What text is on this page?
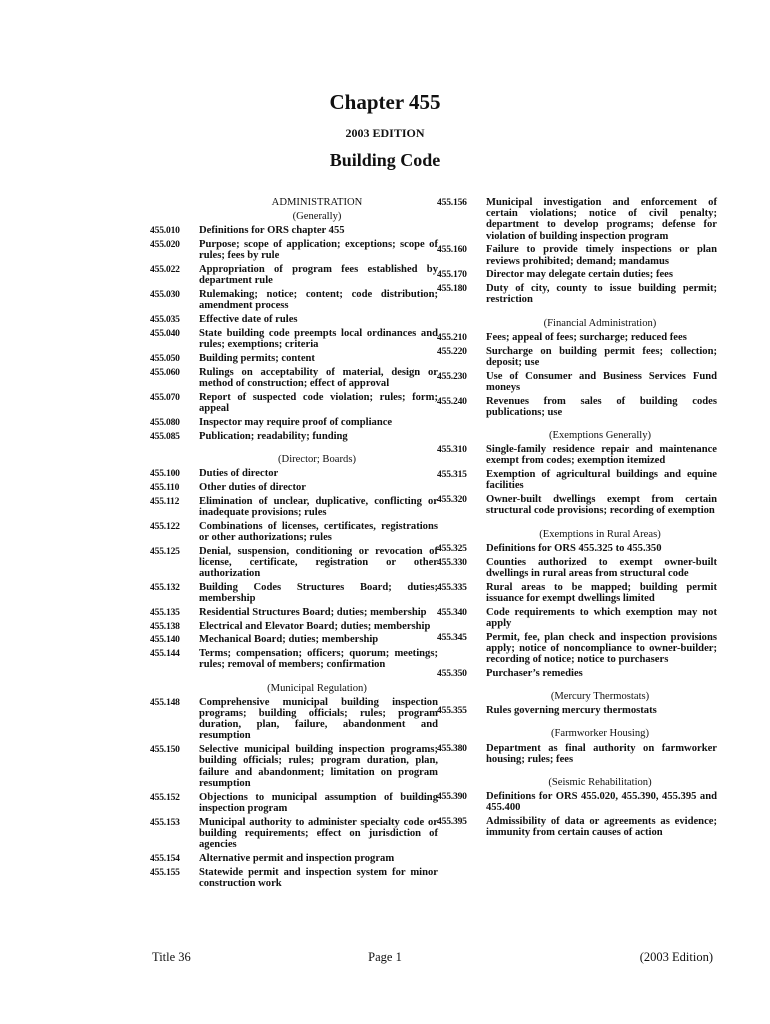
Chapter 455
2003 EDITION
Building Code
ADMINISTRATION
(Generally)
455.010	Definitions for ORS chapter 455
455.020	Purpose; scope of application; exceptions; scope of rules; fees by rule
455.022	Appropriation of program fees established by department rule
455.030	Rulemaking; notice; content; code distribution; amendment process
455.035	Effective date of rules
455.040	State building code preempts local ordinances and rules; exemptions; criteria
455.050	Building permits; content
455.060	Rulings on acceptability of material, design or method of construction; effect of approval
455.070	Report of suspected code violation; rules; form; appeal
455.080	Inspector may require proof of compliance
455.085	Publication; readability; funding
(Director; Boards)
455.100	Duties of director
455.110	Other duties of director
455.112	Elimination of unclear, duplicative, conflicting or inadequate provisions; rules
455.122	Combinations of licenses, certificates, registrations or other authorizations; rules
455.125	Denial, suspension, conditioning or revocation of license, certificate, registration or other authorization
455.132	Building Codes Structures Board; duties; membership
455.135	Residential Structures Board; duties; membership
455.138	Electrical and Elevator Board; duties; membership
455.140	Mechanical Board; duties; membership
455.144	Terms; compensation; officers; quorum; meetings; rules; removal of members; confirmation
(Municipal Regulation)
455.148	Comprehensive municipal building inspection programs; building officials; rules; program duration, plan, failure, abandonment and resumption
455.150	Selective municipal building inspection programs; building officials; rules; program duration, plan, failure and abandonment; limitation on program resumption
455.152	Objections to municipal assumption of building inspection program
455.153	Municipal authority to administer specialty code or building requirements; effect on jurisdiction of agencies
455.154	Alternative permit and inspection program
455.155	Statewide permit and inspection system for minor construction work
455.156	Municipal investigation and enforcement of certain violations; notice of civil penalty; department to develop programs; defense for violation of building inspection program
455.160	Failure to provide timely inspections or plan reviews prohibited; demand; mandamus
455.170	Director may delegate certain duties; fees
455.180	Duty of city, county to issue building permit; restriction
(Financial Administration)
455.210	Fees; appeal of fees; surcharge; reduced fees
455.220	Surcharge on building permit fees; collection; deposit; use
455.230	Use of Consumer and Business Services Fund moneys
455.240	Revenues from sales of building codes publications; use
(Exemptions Generally)
455.310	Single-family residence repair and maintenance exempt from codes; exemption itemized
455.315	Exemption of agricultural buildings and equine facilities
455.320	Owner-built dwellings exempt from certain structural code provisions; recording of exemption
(Exemptions in Rural Areas)
455.325	Definitions for ORS 455.325 to 455.350
455.330	Counties authorized to exempt owner-built dwellings in rural areas from structural code
455.335	Rural areas to be mapped; building permit issuance for exempt dwellings limited
455.340	Code requirements to which exemption may not apply
455.345	Permit, fee, plan check and inspection provisions apply; notice of noncompliance to owner-builder; recording of notice; notice to purchasers
455.350	Purchaser’s remedies
(Mercury Thermostats)
455.355	Rules governing mercury thermostats
(Farmworker Housing)
455.380	Department as final authority on farmworker housing; rules; fees
(Seismic Rehabilitation)
455.390	Definitions for ORS 455.020, 455.390, 455.395 and 455.400
455.395	Admissibility of data or agreements as evidence; immunity from certain causes of action
Title 36	Page 1	(2003 Edition)
